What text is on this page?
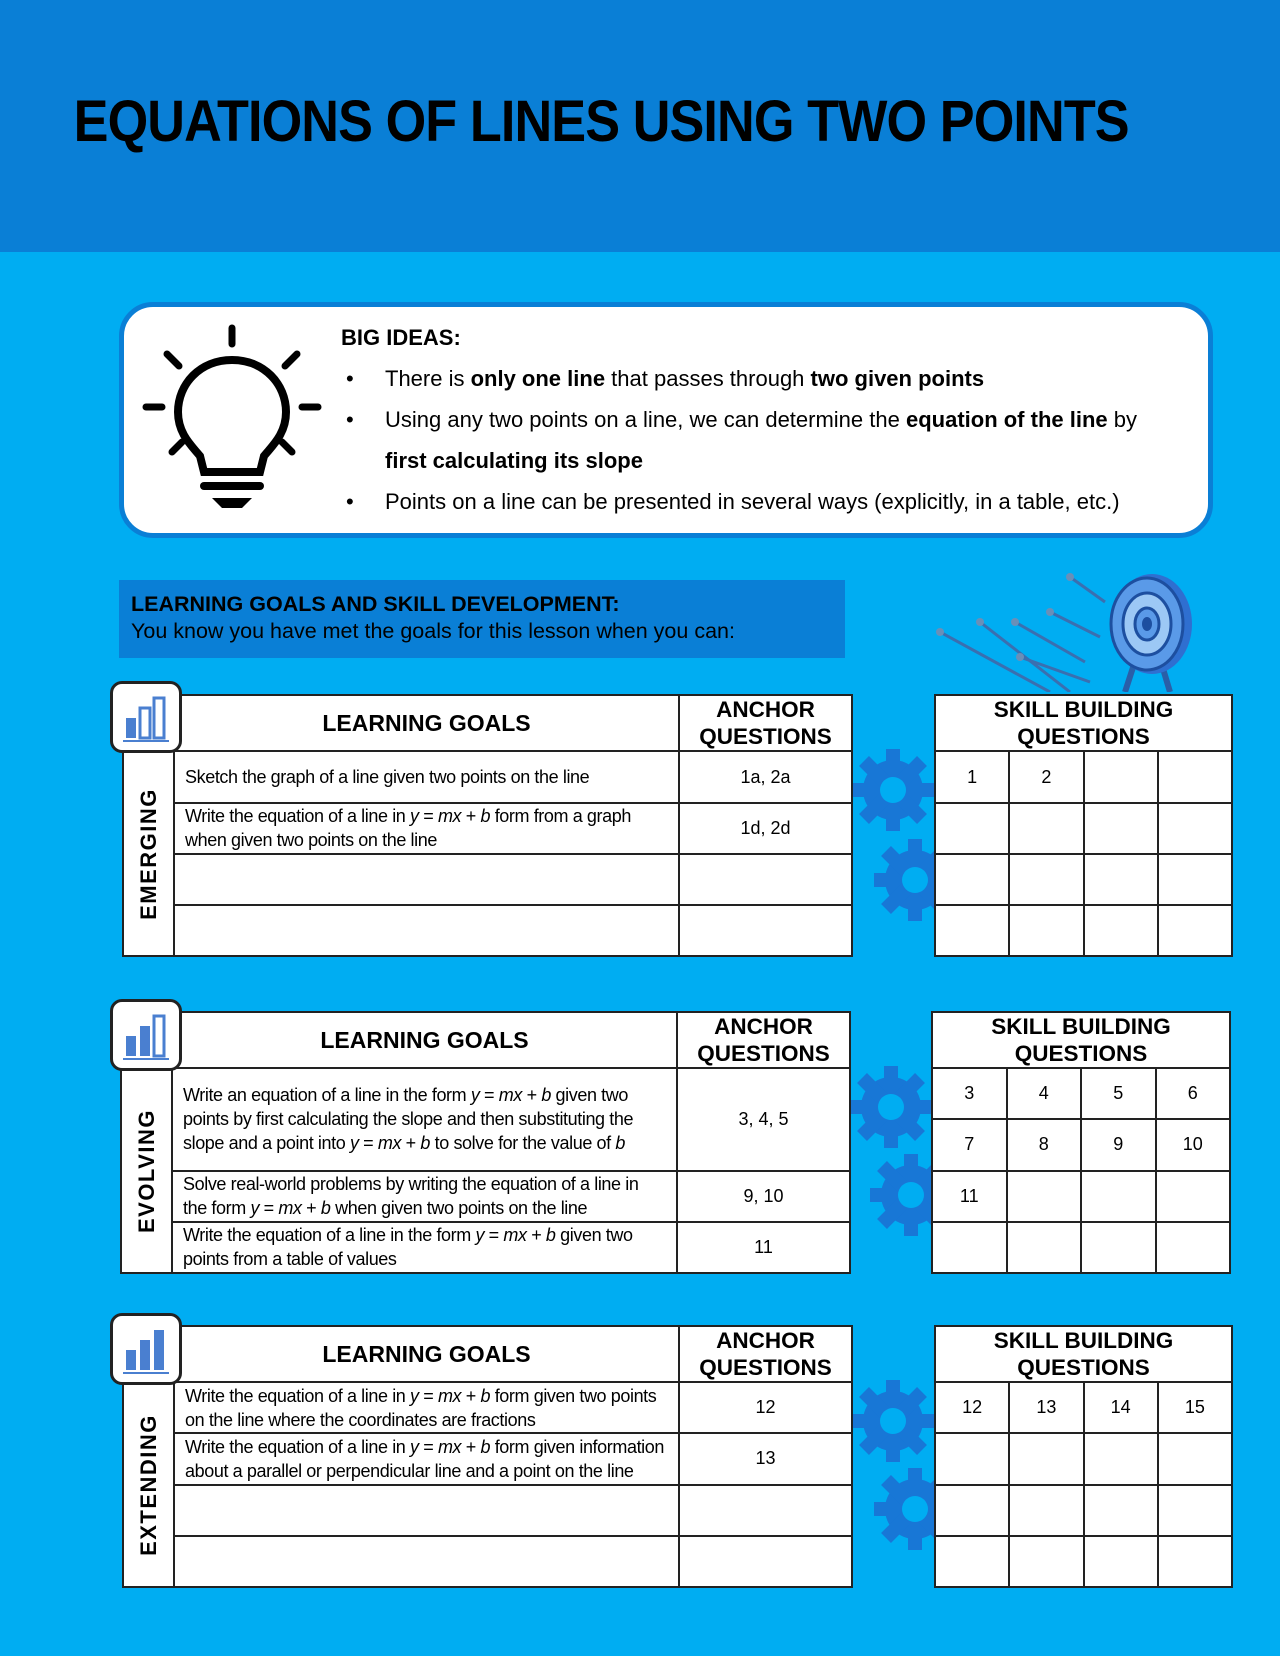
EQUATIONS OF LINES USING TWO POINTS
BIG IDEAS:
• There is only one line that passes through two given points
• Using any two points on a line, we can determine the equation of the line by
first calculating its slope
• Points on a line can be presented in several ways (explicitly, in a table, etc.)
LEARNING GOALS AND SKILL DEVELOPMENT:
You know you have met the goals for this lesson when you can:
	LEARNING GOALS	ANCHOR
QUESTIONS

EMERGING	Sketch the graph of a line given two points on the line	1a, 2a
	Write the equation of a line in y = mx + b form from a graph
when given two points on the line	1d, 2d

SKILL BUILDING
QUESTIONS			
1	2		

	LEARNING GOALS	ANCHOR
QUESTIONS

EVOLVING	Write an equation of a line in the form y = mx + b given two
points by first calculating the slope and then substituting the
slope and a point into y = mx + b to solve for the value of b	3, 4, 5
	Solve real-world problems by writing the equation of a line in
the form y = mx + b when given two points on the line	9, 10
	Write the equation of a line in the form y = mx + b given two
points from a table of values	11
SKILL BUILDING
QUESTIONS			
3	4	5	6
7	8	9	10
11			

	LEARNING GOALS	ANCHOR
QUESTIONS

EXTENDING	Write the equation of a line in y = mx + b form given two points
on the line where the coordinates are fractions	12
	Write the equation of a line in y = mx + b form given information
about a parallel or perpendicular line and a point on the line	13

SKILL BUILDING
QUESTIONS			
12	13	14	15
